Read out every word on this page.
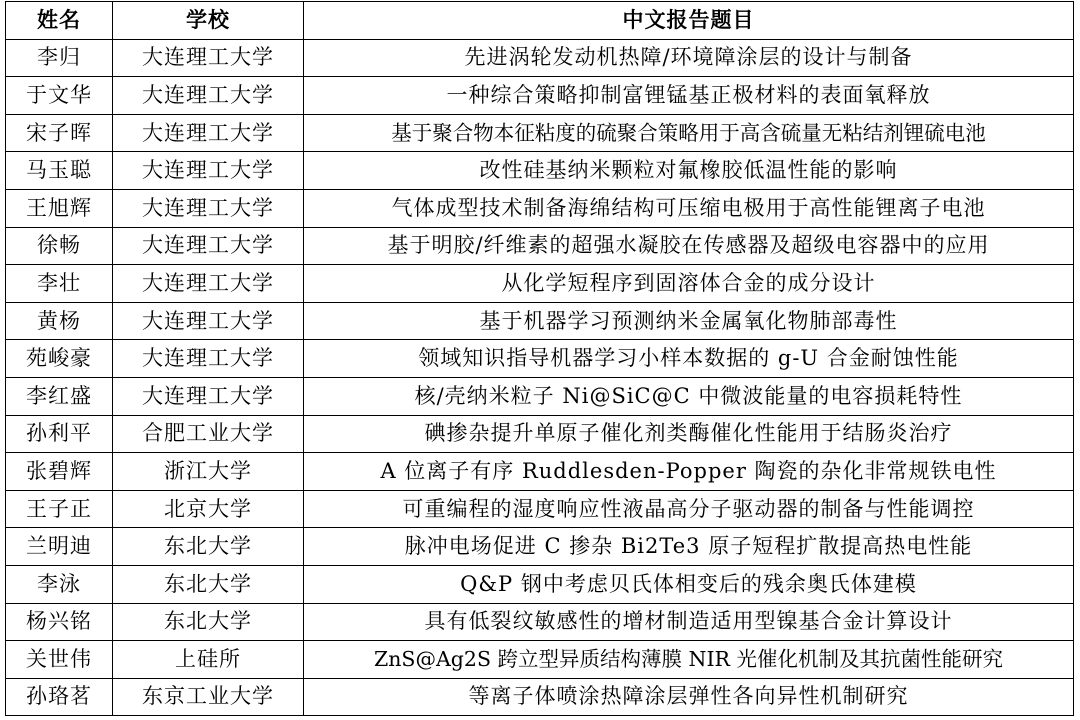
姓名	学校	中文报告题目
李归	大连理工大学	先进涡轮发动机热障/环境障涂层的设计与制备
于文华	大连理工大学	一种综合策略抑制富锂锰基正极材料的表面氧释放
宋子晖	大连理工大学	基于聚合物本征粘度的硫聚合策略用于高含硫量无粘结剂锂硫电池
马玉聪	大连理工大学	改性硅基纳米颗粒对氟橡胶低温性能的影响
王旭辉	大连理工大学	气体成型技术制备海绵结构可压缩电极用于高性能锂离子电池
徐畅	大连理工大学	基于明胶/纤维素的超强水凝胶在传感器及超级电容器中的应用
李壮	大连理工大学	从化学短程序到固溶体合金的成分设计
黄杨	大连理工大学	基于机器学习预测纳米金属氧化物肺部毒性
苑峻豪	大连理工大学	领域知识指导机器学习小样本数据的 g-U 合金耐蚀性能
李红盛	大连理工大学	核/壳纳米粒子 Ni@SiC@C 中微波能量的电容损耗特性
孙利平	合肥工业大学	碘掺杂提升单原子催化剂类酶催化性能用于结肠炎治疗
张碧辉	浙江大学	A 位离子有序 Ruddlesden-Popper 陶瓷的杂化非常规铁电性
王子正	北京大学	可重编程的湿度响应性液晶高分子驱动器的制备与性能调控
兰明迪	东北大学	脉冲电场促进 C 掺杂 Bi2Te3 原子短程扩散提高热电性能
李泳	东北大学	Q&P 钢中考虑贝氏体相变后的残余奥氏体建模
杨兴铭	东北大学	具有低裂纹敏感性的增材制造适用型镍基合金计算设计
关世伟	上硅所	ZnS@Ag2S 跨立型异质结构薄膜 NIR 光催化机制及其抗菌性能研究
孙珞茗	东京工业大学	等离子体喷涂热障涂层弹性各向异性机制研究
